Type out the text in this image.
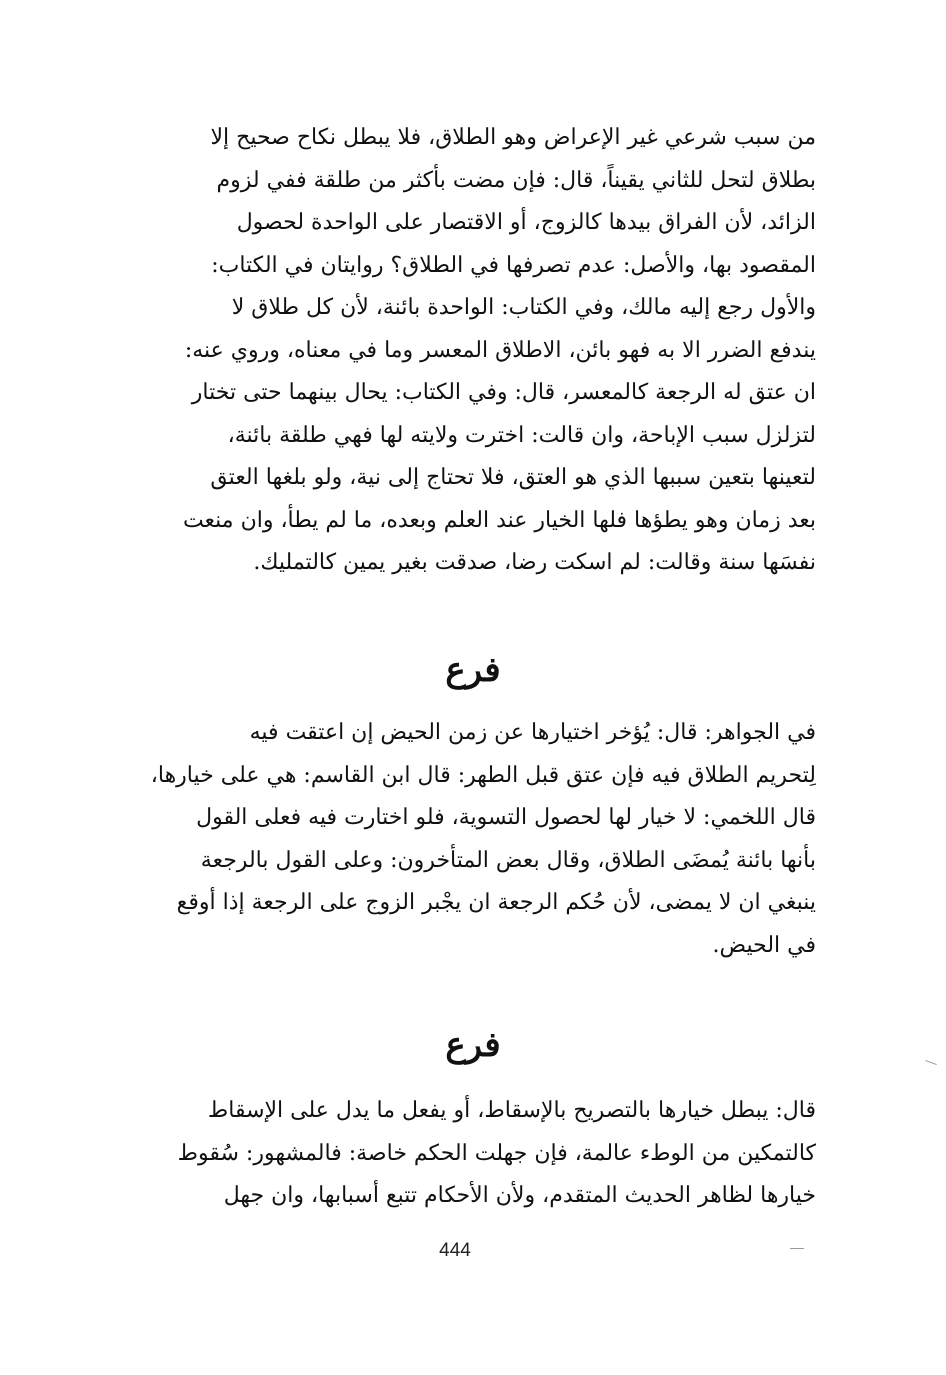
من سبب شرعي غير الإعراض وهو الطلاق، فلا يبطل نكاح صحيح إلا
بطلاق لتحل للثاني يقيناً، قال: فإن مضت بأكثر من طلقة ففي لزوم
الزائد، لأن الفراق بيدها كالزوج، أو الاقتصار على الواحدة لحصول
المقصود بها، والأصل: عدم تصرفها في الطلاق؟ روايتان في الكتاب:
والأول رجع إليه مالك، وفي الكتاب: الواحدة بائنة، لأن كل طلاق لا
يندفع الضرر الا به فهو بائن، الاطلاق المعسر وما في معناه، وروي عنه:
ان عتق له الرجعة كالمعسر، قال: وفي الكتاب: يحال بينهما حتى تختار
لتزلزل سبب الإباحة، وان قالت: اخترت ولايته لها فهي طلقة بائنة،
لتعينها بتعين سببها الذي هو العتق، فلا تحتاج إلى نية، ولو بلغها العتق
بعد زمان وهو يطؤها فلها الخيار عند العلم وبعده، ما لم يطأ، وان منعت
نفسَها سنة وقالت: لم اسكت رضا، صدقت بغير يمين كالتمليك.
فرع
في الجواهر: قال: يُؤخر اختيارها عن زمن الحيض إن اعتقت فيه
لِتحريم الطلاق فيه فإن عتق قبل الطهر: قال ابن القاسم: هي على خيارها،
قال اللخمي: لا خيار لها لحصول التسوية، فلو اختارت فيه فعلى القول
بأنها بائنة يُمضَى الطلاق، وقال بعض المتأخرون: وعلى القول بالرجعة
ينبغي ان لا يمضى، لأن حُكم الرجعة ان يجْبر الزوج على الرجعة إذا أوقع
في الحيض.
فرع
قال: يبطل خيارها بالتصريح بالإسقاط، أو يفعل ما يدل على الإسقاط
كالتمكين من الوطء عالمة، فإن جهلت الحكم خاصة: فالمشهور: سُقوط
خيارها لظاهر الحديث المتقدم، ولأن الأحكام تتبع أسبابها، وان جهل
444
